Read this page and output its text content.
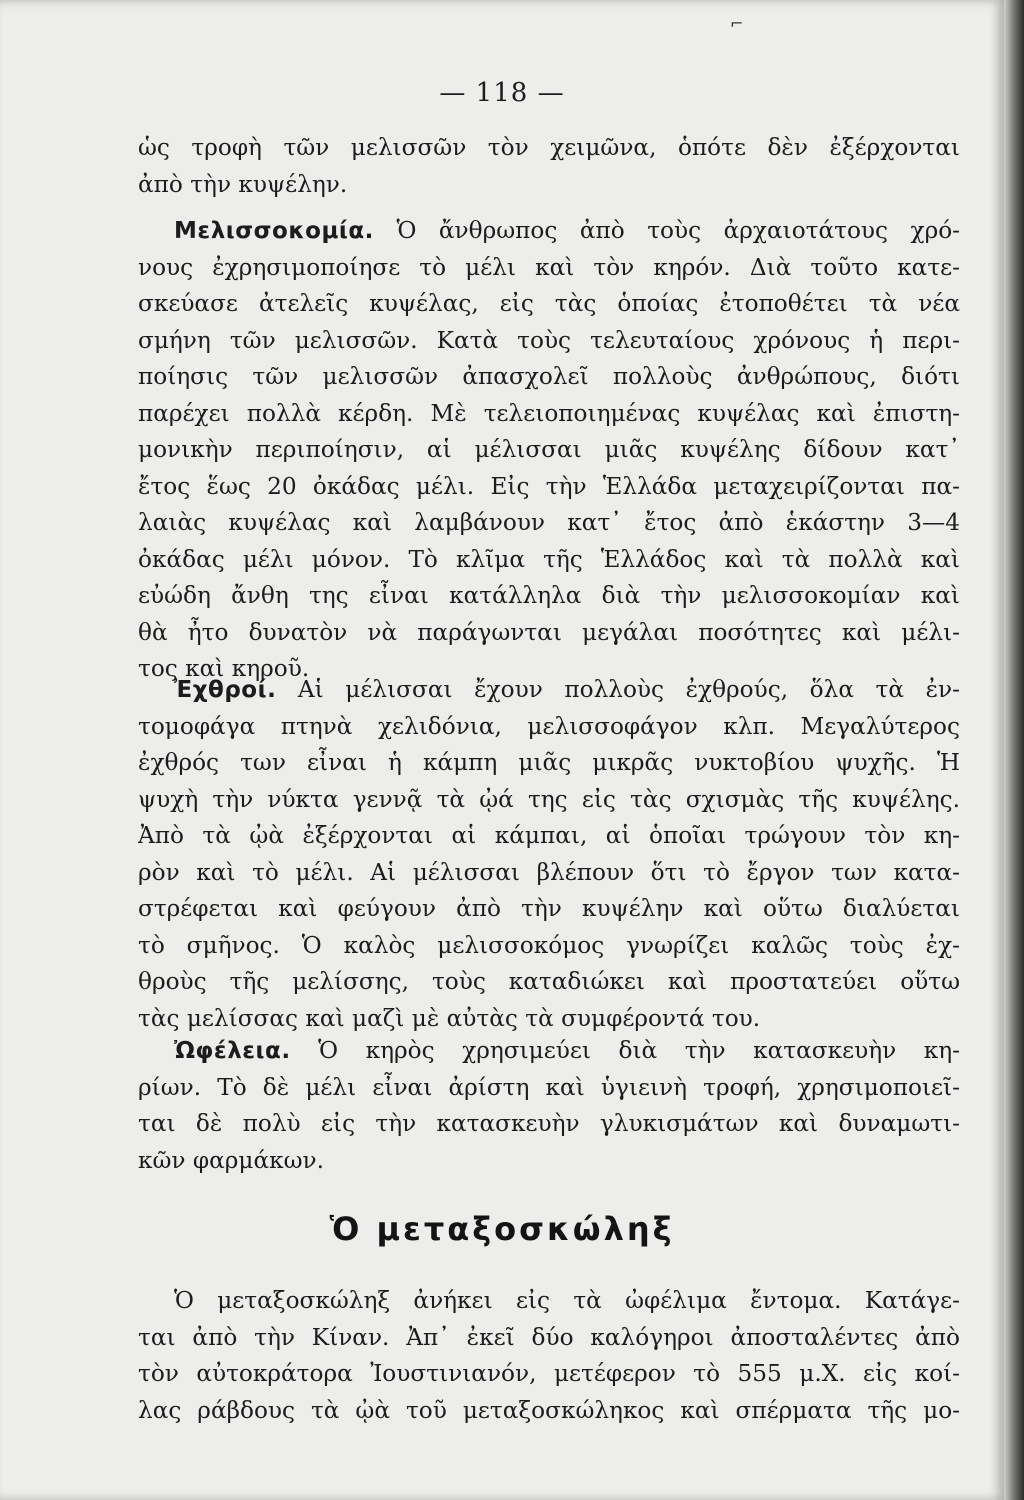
⌐
— 118 —
ὡς τροφὴ τῶν μελισσῶν τὸν χειμῶνα, ὁπότε δὲν ἐξέρχονται
ἀπὸ τὴν κυψέλην.
Μελισσοκομία. Ὁ ἄνθρωπος ἀπὸ τοὺς ἀρχαιοτάτους χρό-
νους ἐχρησιμοποίησε τὸ μέλι καὶ τὸν κηρόν. Διὰ τοῦτο κατε-
σκεύασε ἀτελεῖς κυψέλας, εἰς τὰς ὁποίας ἐτοποθέτει τὰ νέα
σμήνη τῶν μελισσῶν. Κατὰ τοὺς τελευταίους χρόνους ἡ περι-
ποίησις τῶν μελισσῶν ἀπασχολεῖ πολλοὺς ἀνθρώπους, διότι
παρέχει πολλὰ κέρδη. Μὲ τελειοποιημένας κυψέλας καὶ ἐπιστη-
μονικὴν περιποίησιν, αἱ μέλισσαι μιᾶς κυψέλης δίδουν κατ᾽
ἔτος ἕως 20 ὀκάδας μέλι. Εἰς τὴν Ἑλλάδα μεταχειρίζονται πα-
λαιὰς κυψέλας καὶ λαμβάνουν κατ᾽ ἔτος ἀπὸ ἑκάστην 3—4
ὀκάδας μέλι μόνον. Τὸ κλῖμα τῆς Ἑλλάδος καὶ τὰ πολλὰ καὶ
εὐώδη ἄνθη της εἶναι κατάλληλα διὰ τὴν μελισσοκομίαν καὶ
θὰ ἦτο δυνατὸν νὰ παράγωνται μεγάλαι ποσότητες καὶ μέλι-
τος καὶ κηροῦ.
Ἐχθροί. Αἱ μέλισσαι ἔχουν πολλοὺς ἐχθρούς, ὅλα τὰ ἐν-
τομοφάγα πτηνὰ χελιδόνια, μελισσοφάγον κλπ. Μεγαλύτερος
ἐχθρός των εἶναι ἡ κάμπη μιᾶς μικρᾶς νυκτοβίου ψυχῆς. Ἡ
ψυχὴ τὴν νύκτα γεννᾷ τὰ ᾠά της εἰς τὰς σχισμὰς τῆς κυψέλης.
Ἀπὸ τὰ ᾠὰ ἐξέρχονται αἱ κάμπαι, αἱ ὁποῖαι τρώγουν τὸν κη-
ρὸν καὶ τὸ μέλι. Αἱ μέλισσαι βλέπουν ὅτι τὸ ἔργον των κατα-
στρέφεται καὶ φεύγουν ἀπὸ τὴν κυψέλην καὶ οὕτω διαλύεται
τὸ σμῆνος. Ὁ καλὸς μελισσοκόμος γνωρίζει καλῶς τοὺς ἐχ-
θροὺς τῆς μελίσσης, τοὺς καταδιώκει καὶ προστατεύει οὕτω
τὰς μελίσσας καὶ μαζὶ μὲ αὐτὰς τὰ συμφέροντά του.
Ὠφέλεια. Ὁ κηρὸς χρησιμεύει διὰ τὴν κατασκευὴν κη-
ρίων. Τὸ δὲ μέλι εἶναι ἀρίστη καὶ ὑγιεινὴ τροφή, χρησιμοποιεῖ-
ται δὲ πολὺ εἰς τὴν κατασκευὴν γλυκισμάτων καὶ δυναμωτι-
κῶν φαρμάκων.
Ὁ μεταξοσκώληξ
Ὁ μεταξοσκώληξ ἀνήκει εἰς τὰ ὠφέλιμα ἔντομα. Κατάγε-
ται ἀπὸ τὴν Κίναν. Ἀπ᾽ ἐκεῖ δύο καλόγηροι ἀποσταλέντες ἀπὸ
τὸν αὐτοκράτορα Ἰουστινιανόν, μετέφερον τὸ 555 μ.Χ. εἰς κοί-
λας ράβδους τὰ ᾠὰ τοῦ μεταξοσκώληκος καὶ σπέρματα τῆς μο-
